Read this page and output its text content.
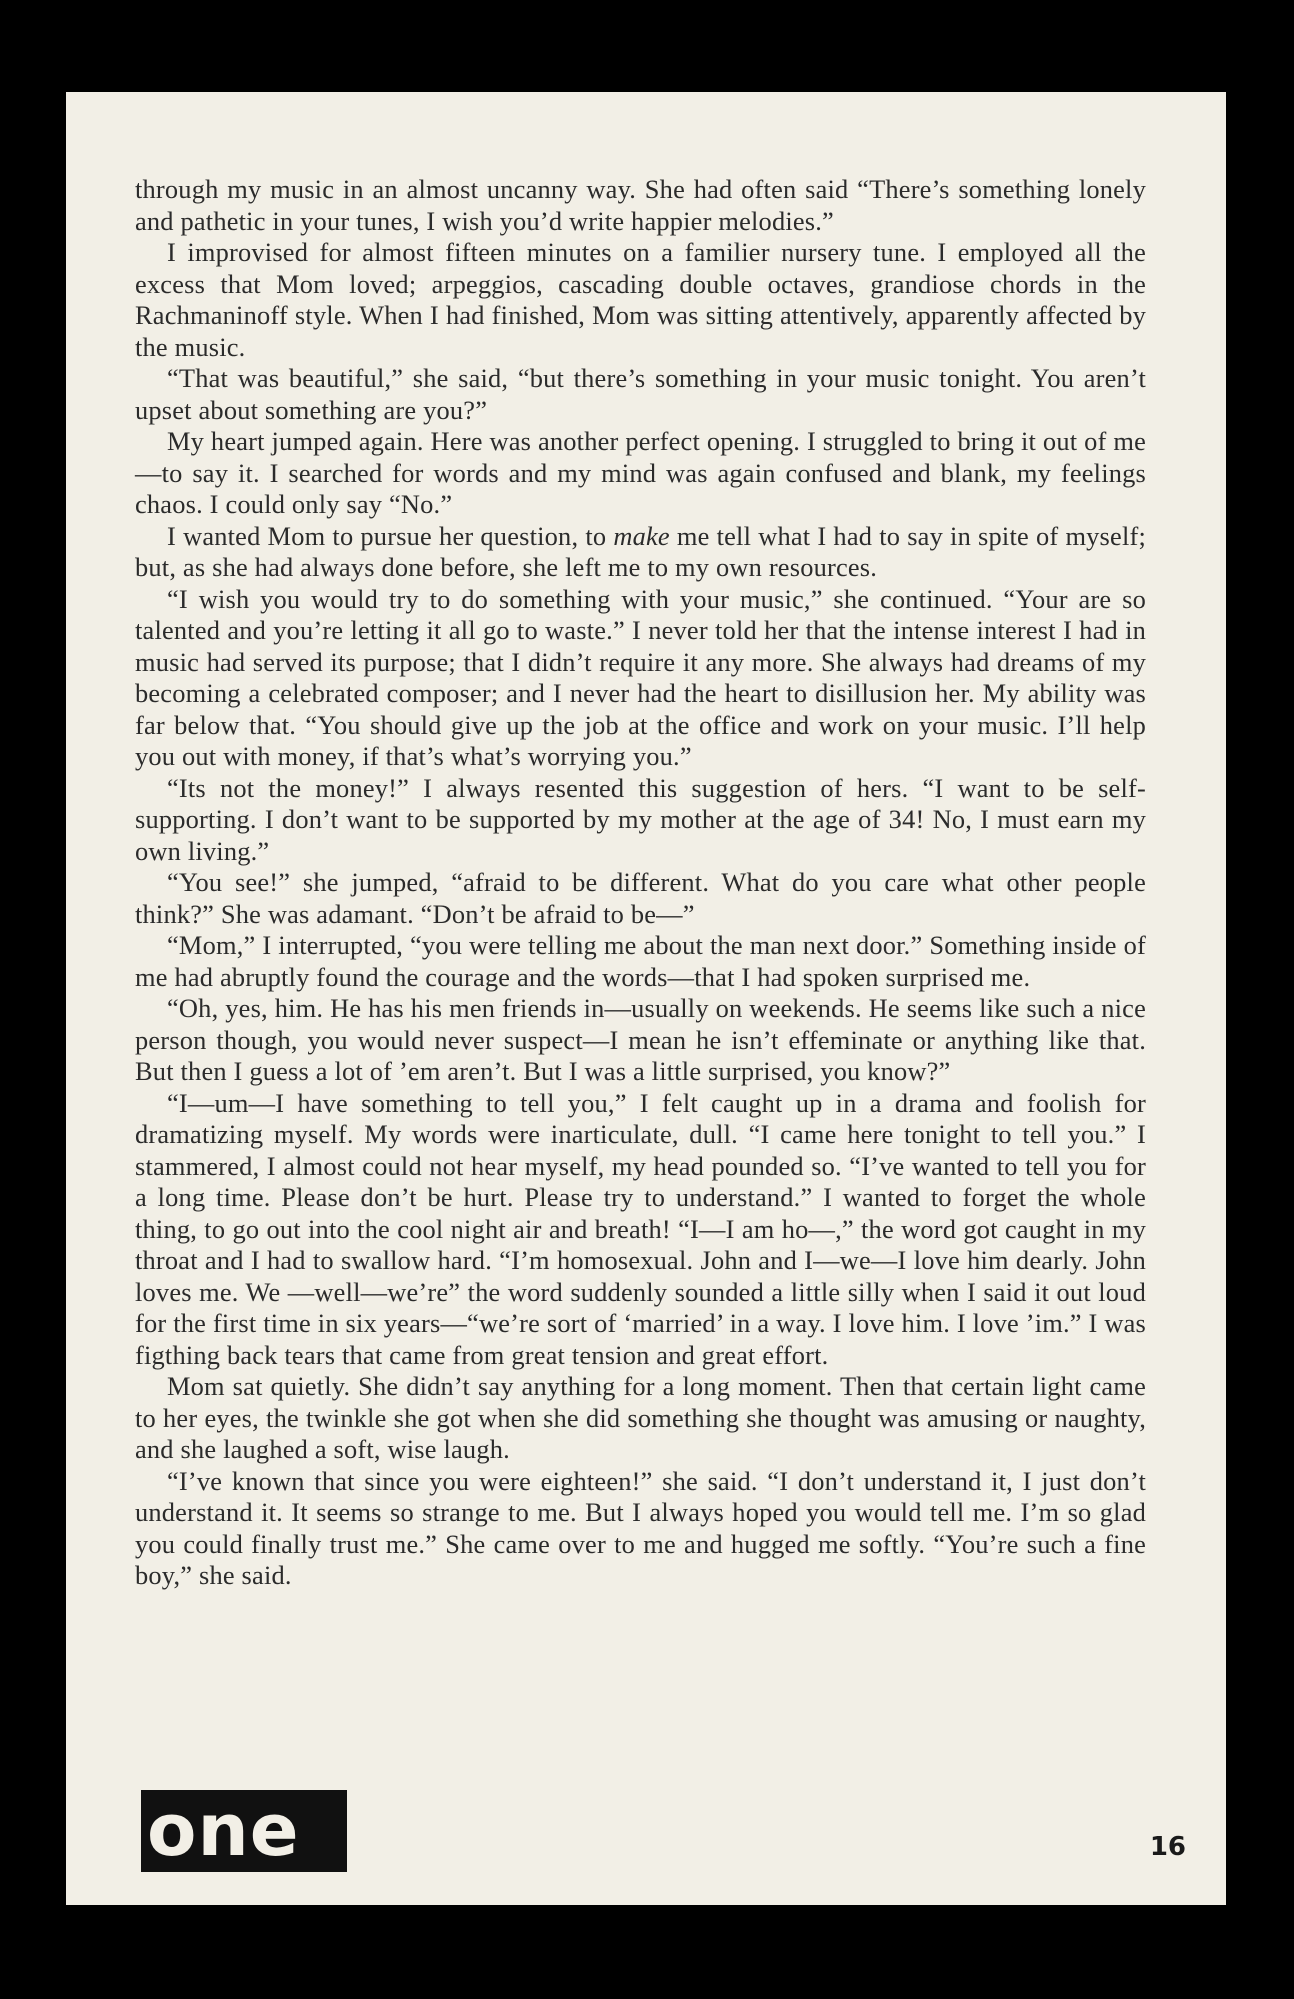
through my music in an almost uncanny way. She had often said “There’s something lonely and pathetic in your tunes, I wish you’d write happier melodies.”

I improvised for almost fifteen minutes on a familier nursery tune. I employed all the excess that Mom loved; arpeggios, cascading double octaves, grandiose chords in the Rachmaninoff style. When I had finished, Mom was sitting attentively, apparently affected by the music.

“That was beautiful,” she said, “but there’s something in your music tonight. You aren’t upset about something are you?”

My heart jumped again. Here was another perfect opening. I struggled to bring it out of me—to say it. I searched for words and my mind was again confused and blank, my feelings chaos. I could only say “No.”

I wanted Mom to pursue her question, to make me tell what I had to say in spite of myself; but, as she had always done before, she left me to my own resources.

“I wish you would try to do something with your music,” she continued. “Your are so talented and you’re letting it all go to waste.” I never told her that the intense interest I had in music had served its purpose; that I didn’t require it any more. She always had dreams of my becoming a celebrated composer; and I never had the heart to disillusion her. My ability was far below that. “You should give up the job at the office and work on your music. I’ll help you out with money, if that’s what’s worrying you.”

“Its not the money!” I always resented this suggestion of hers. “I want to be self-supporting. I don’t want to be supported by my mother at the age of 34! No, I must earn my own living.”

“You see!” she jumped, “afraid to be different. What do you care what other people think?” She was adamant. “Don’t be afraid to be—”

“Mom,” I interrupted, “you were telling me about the man next door.” Something inside of me had abruptly found the courage and the words—that I had spoken surprised me.

“Oh, yes, him. He has his men friends in—usually on weekends. He seems like such a nice person though, you would never suspect—I mean he isn’t effeminate or anything like that. But then I guess a lot of ’em aren’t. But I was a little surprised, you know?”

“I—um—I have something to tell you,” I felt caught up in a drama and foolish for dramatizing myself. My words were inarticulate, dull. “I came here tonight to tell you.” I stammered, I almost could not hear myself, my head pounded so. “I’ve wanted to tell you for a long time. Please don’t be hurt. Please try to understand.” I wanted to forget the whole thing, to go out into the cool night air and breath! “I—I am ho—,” the word got caught in my throat and I had to swallow hard. “I’m homosexual. John and I—we—I love him dearly. John loves me. We —well—we’re” the word suddenly sounded a little silly when I said it out loud for the first time in six years—“we’re sort of ‘married’ in a way. I love him. I love ’im.” I was figthing back tears that came from great tension and great effort.

Mom sat quietly. She didn’t say anything for a long moment. Then that certain light came to her eyes, the twinkle she got when she did something she thought was amusing or naughty, and she laughed a soft, wise laugh.

“I’ve known that since you were eighteen!” she said. “I don’t understand it, I just don’t understand it. It seems so strange to me. But I always hoped you would tell me. I’m so glad you could finally trust me.” She came over to me and hugged me softly. “You’re such a fine boy,” she said.

one	16
